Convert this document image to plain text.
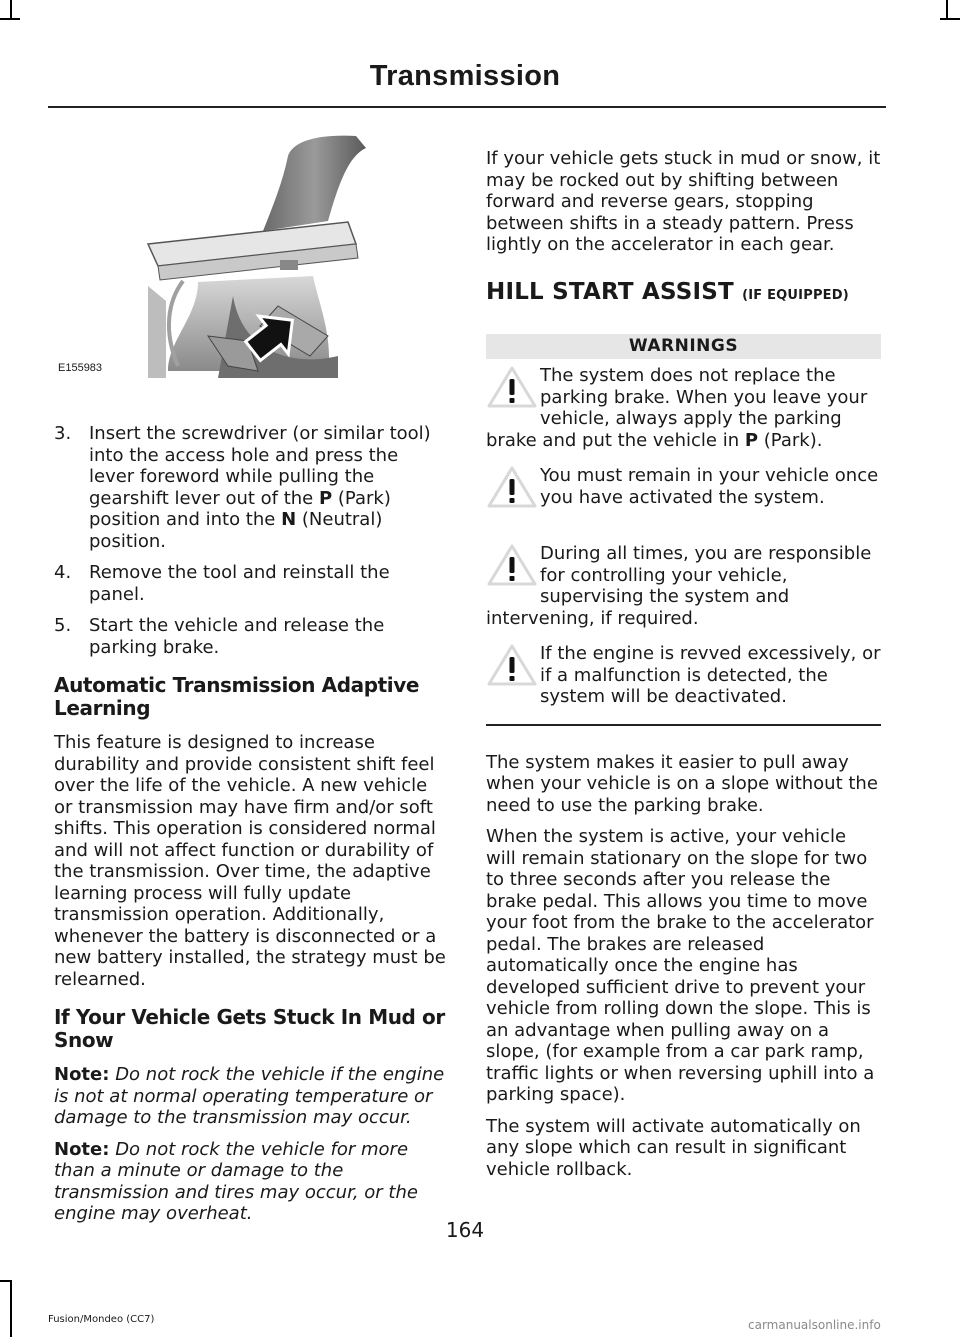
Transmission
E155983
3. Insert the screwdriver (or similar tool) into the access hole and press the lever foreword while pulling the gearshift lever out of the P (Park) position and into the N (Neutral) position.
4. Remove the tool and reinstall the panel.
5. Start the vehicle and release the parking brake.
Automatic Transmission Adaptive Learning

This feature is designed to increase durability and provide consistent shift feel over the life of the vehicle. A new vehicle or transmission may have firm and/or soft shifts. This operation is considered normal and will not affect function or durability of the transmission. Over time, the adaptive learning process will fully update transmission operation. Additionally, whenever the battery is disconnected or a new battery installed, the strategy must be relearned.

If Your Vehicle Gets Stuck In Mud or Snow

Note: Do not rock the vehicle if the engine is not at normal operating temperature or damage to the transmission may occur.

Note: Do not rock the vehicle for more than a minute or damage to the transmission and tires may occur, or the engine may overheat.

If your vehicle gets stuck in mud or snow, it may be rocked out by shifting between forward and reverse gears, stopping between shifts in a steady pattern. Press lightly on the accelerator in each gear.

HILL START ASSIST (IF EQUIPPED)
WARNINGS
The system does not replace the parking brake. When you leave your vehicle, always apply the parking brake and put the vehicle in P (Park).
You must remain in your vehicle once you have activated the system.
During all times, you are responsible for controlling your vehicle, supervising the system and intervening, if required.
If the engine is revved excessively, or if a malfunction is detected, the system will be deactivated.

The system makes it easier to pull away when your vehicle is on a slope without the need to use the parking brake.

When the system is active, your vehicle will remain stationary on the slope for two to three seconds after you release the brake pedal. This allows you time to move your foot from the brake to the accelerator pedal. The brakes are released automatically once the engine has developed sufficient drive to prevent your vehicle from rolling down the slope. This is an advantage when pulling away on a slope, (for example from a car park ramp, traffic lights or when reversing uphill into a parking space).

The system will activate automatically on any slope which can result in significant vehicle rollback.

164
Fusion/Mondeo (CC7)	carmanualsonline.info
